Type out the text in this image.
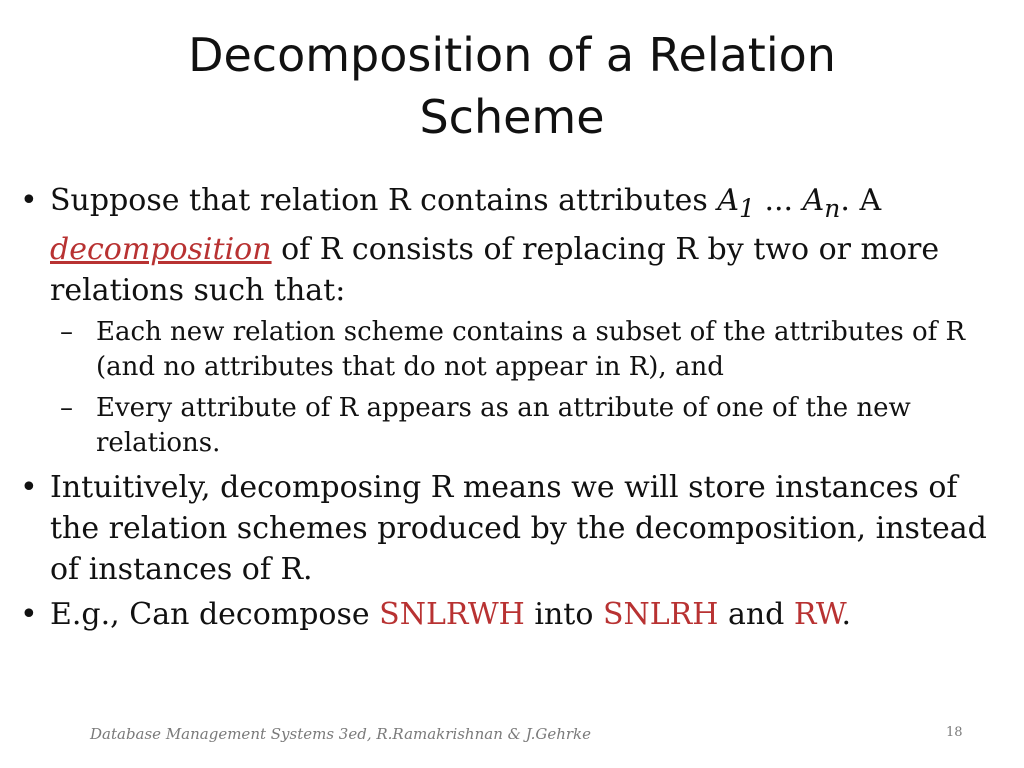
Decomposition of a Relation
Scheme
• Suppose that relation R contains attributes $A_1$ ... $A_n$. A decomposition of R consists of replacing R by two or more relations such that:
– Each new relation scheme contains a subset of the attributes of R (and no attributes that do not appear in R), and
– Every attribute of R appears as an attribute of one of the new relations.
• Intuitively, decomposing R means we will store instances of the relation schemes produced by the decomposition, instead of instances of R.
• E.g., Can decompose SNLRWH into SNLRH and RW.
Database Management Systems 3ed, R.Ramakrishnan & J.Gehrke	18
